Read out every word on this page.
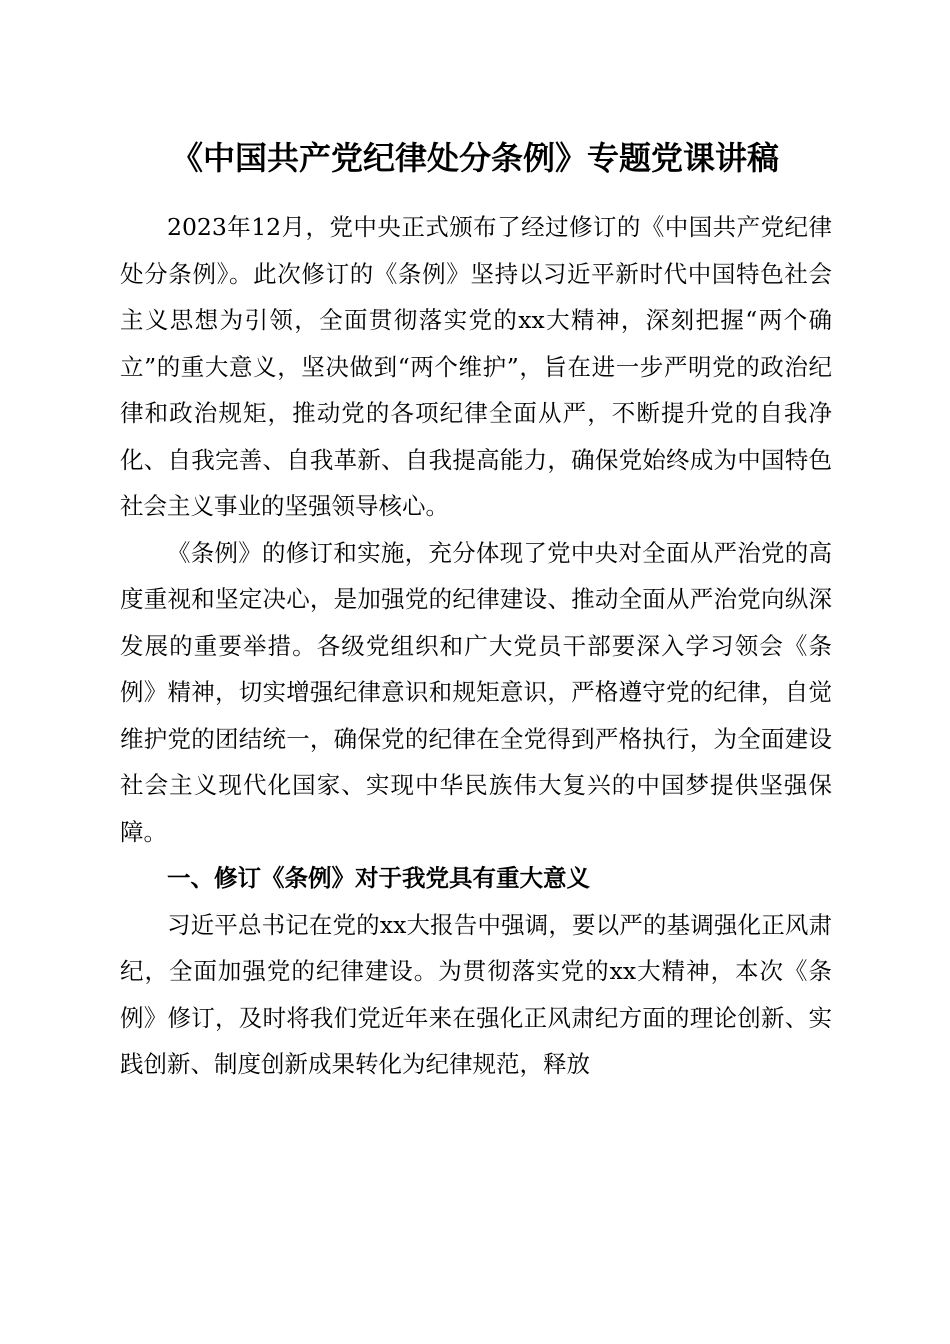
《中国共产党纪律处分条例》专题党课讲稿

2023年12月，党中央正式颁布了经过修订的《中国共产党纪律处分条例》。此次修订的《条例》坚持以习近平新时代中国特色社会主义思想为引领，全面贯彻落实党的xx大精神，深刻把握“两个确立”的重大意义，坚决做到“两个维护”，旨在进一步严明党的政治纪律和政治规矩，推动党的各项纪律全面从严，不断提升党的自我净化、自我完善、自我革新、自我提高能力，确保党始终成为中国特色社会主义事业的坚强领导核心。

《条例》的修订和实施，充分体现了党中央对全面从严治党的高度重视和坚定决心，是加强党的纪律建设、推动全面从严治党向纵深发展的重要举措。各级党组织和广大党员干部要深入学习领会《条例》精神，切实增强纪律意识和规矩意识，严格遵守党的纪律，自觉维护党的团结统一，确保党的纪律在全党得到严格执行，为全面建设社会主义现代化国家、实现中华民族伟大复兴的中国梦提供坚强保障。

一、修订《条例》对于我党具有重大意义

习近平总书记在党的xx大报告中强调，要以严的基调强化正风肃纪，全面加强党的纪律建设。为贯彻落实党的xx大精神，本次《条例》修订，及时将我们党近年来在强化正风肃纪方面的理论创新、实践创新、制度创新成果转化为纪律规范，释放
